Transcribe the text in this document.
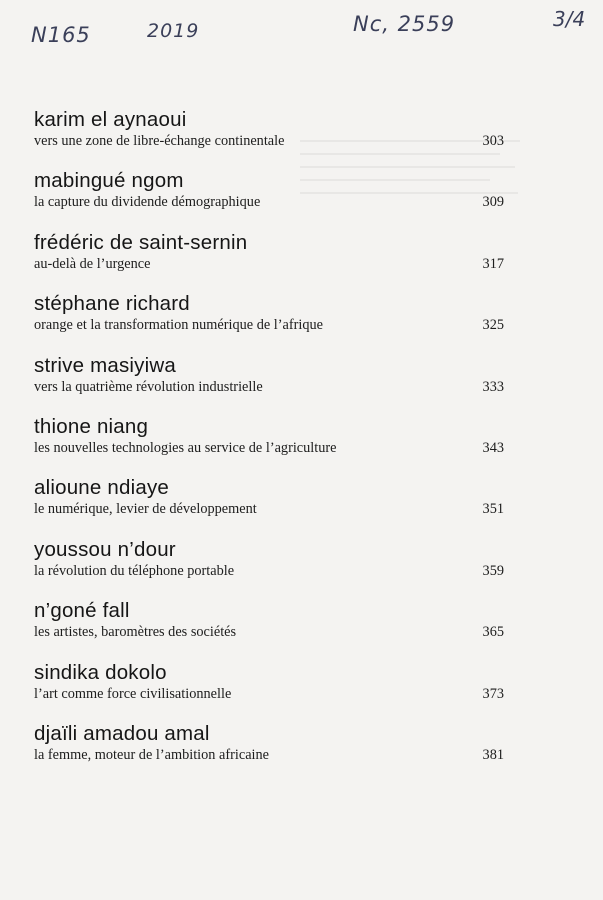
N165	2019	Nc, 2559	3/4
karim el aynaoui
vers une zone de libre-échange continentale	303
mabingué ngom
la capture du dividende démographique	309
frédéric de saint-sernin
au-delà de l’urgence	317
stéphane richard
orange et la transformation numérique de l’afrique	325
strive masiyiwa
vers la quatrième révolution industrielle	333
thione niang
les nouvelles technologies au service de l’agriculture	343
alioune ndiaye
le numérique, levier de développement	351
youssou n’dour
la révolution du téléphone portable	359
n’goné fall
les artistes, baromètres des sociétés	365
sindika dokolo
l’art comme force civilisationnelle	373
djaïli amadou amal
la femme, moteur de l’ambition africaine	381
